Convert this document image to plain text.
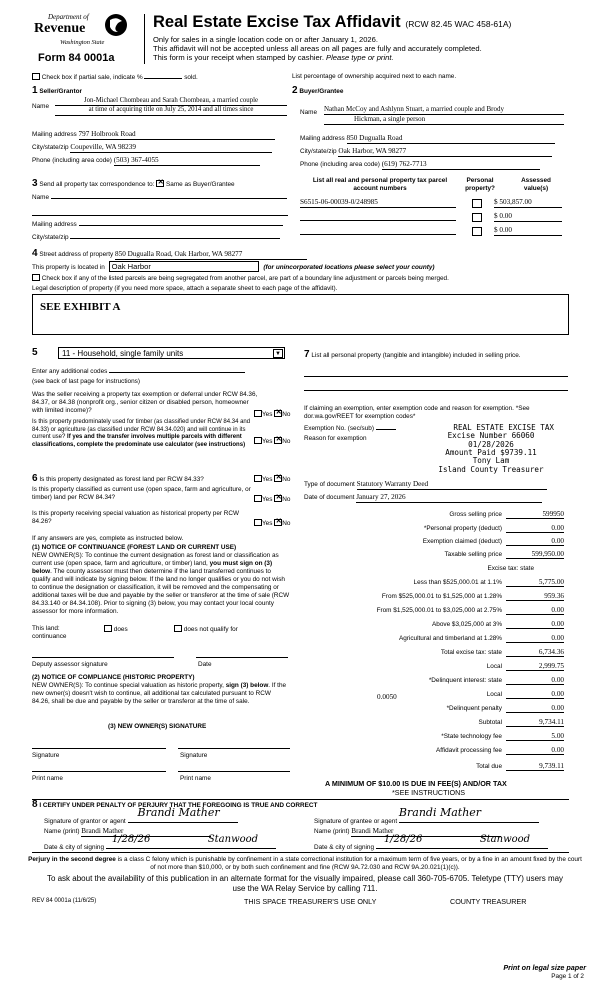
Department of
Revenue
Washington State
Form 84 0001a
Real Estate Excise Tax Affidavit (RCW 82.45 WAC 458-61A)
Only for sales in a single location code on or after January 1, 2026.
This affidavit will not be accepted unless all areas on all pages are fully and accurately completed.
This form is your receipt when stamped by cashier. Please type or print.
Check box if partial sale, indicate %	sold.	List percentage of ownership acquired next to each name.
1 Seller/Grantor
Name
Jon-Michael Chombeau and Sarah Chombeau, a married couple
at time of acquiring title on July 25, 2014 and all times since
Mailing address 797 Holbrook Road
City/state/zip Coupeville, WA 98239
Phone (including area code) (503) 367-4055
2 Buyer/Grantee
Name Nathan McCoy and Ashlynn Stuart, a married couple and Brody
Hickman, a single person
Mailing address 850 Dugualla Road
City/state/zip Oak Harbor, WA 98277
Phone (including area code) (619) 762-7713
3 Send all property tax correspondence to: ✕ Same as Buyer/Grantee
Name
Mailing address
City/state/zip
List all real and personal property tax parcel account numbers
Personal property?
Assessed value(s)
S6515-06-00039-0/248985	$ 503,857.00
$ 0.00
$ 0.00
4 Street address of property 850 Dugualla Road, Oak Harbor, WA 98277
This property is located in Oak Harbor	(for unincorporated locations please select your county)
Check box if any of the listed parcels are being segregated from another parcel, are part of a boundary line adjustment or parcels being merged.
Legal description of property (if you need more space, attach a separate sheet to each page of the affidavit).
SEE EXHIBIT A
5	11 - Household, single family units	▼
Enter any additional codes
(see back of last page for instructions)
Was the seller receiving a property tax exemption or deferral under RCW 84.36, 84.37, or 84.38 (nonprofit org., senior citizen or disabled person, homeowner with limited income)?
Yes ✕ No
Is this property predominately used for timber (as classified under RCW 84.34 and 84.33) or agriculture (as classified under RCW 84.34.020) and will continue in its current use? If yes and the transfer involves multiple parcels with different classifications, complete the predominate use calculator (see instructions)	Yes ✕ No
6 Is this property designated as forest land per RCW 84.33?	Yes ✕ No
Is this property classified as current use (open space, farm and agriculture, or timber) land per RCW 84.34?	Yes ✕ No
Is this property receiving special valuation as historical property per RCW 84.26?	Yes ✕ No
If any answers are yes, complete as instructed below.
(1) NOTICE OF CONTINUANCE (FOREST LAND OR CURRENT USE)
NEW OWNER(S): To continue the current designation as forest land or classification as current use (open space, farm and agriculture, or timber) land, you must sign on (3) below. The county assessor must then determine if the land transferred continues to qualify and will indicate by signing below. If the land no longer qualifies or you do not wish to continue the designation or classification, it will be removed and the compensating or additional taxes will be due and payable by the seller or transferor at the time of sale (RCW 84.33.140 or 84.34.108). Prior to signing (3) below, you may contact your local county assessor for more information.
This land:	does	does not qualify for
continuance
Deputy assessor signature	Date
(2) NOTICE OF COMPLIANCE (HISTORIC PROPERTY)
NEW OWNER(S): To continue special valuation as historic property, sign (3) below. If the new owner(s) doesn't wish to continue, all additional tax calculated pursuant to RCW 84.26, shall be due and payable by the seller or transferor at the time of sale.
(3) NEW OWNER(S) SIGNATURE
Signature	Signature
Print name	Print name
7 List all personal property (tangible and intangible) included in selling price.
If claiming an exemption, enter exemption code and reason for exemption. *See dor.wa.gov/REET for exemption codes*
Exemption No. (sec/sub)
Reason for exemption
REAL ESTATE EXCISE TAX
Excise Number 66060
01/28/2026
Amount Paid $9739.11
Tony Lam
Island County Treasurer
Type of document Statutory Warranty Deed
Date of document January 27, 2026
Gross selling price	599950
*Personal property (deduct)	0.00
Exemption claimed (deduct)	0.00
Taxable selling price	599,950.00
Excise tax: state
Less than $525,000.01 at 1.1%	5,775.00
From $525,000.01 to $1,525,000 at 1.28%	959.36
From $1,525,000.01 to $3,025,000 at 2.75%	0.00
Above $3,025,000 at 3%	0.00
Agricultural and timberland at 1.28%	0.00
Total excise tax: state	6,734.36
Local	2,999.75
*Delinquent interest: state	0.00
Local	0.00
*Delinquent penalty	0.00
Subtotal	9,734.11
*State technology fee	5.00
Affidavit processing fee	0.00
Total due	9,739.11
0.0050
A MINIMUM OF $10.00 IS DUE IN FEE(S) AND/OR TAX
*SEE INSTRUCTIONS
8 I CERTIFY UNDER PENALTY OF PERJURY THAT THE FOREGOING IS TRUE AND CORRECT
Signature of grantor or agent
Brandi Mather
Name (print) Brandi Mather
Date & city of signing
1/28/26	Stanwood
Signature of grantee or agent
Brandi Mather
Name (print) Brandi Mather
Date & city of signing
1/28/26	Stanwood
Perjury in the second degree is a class C felony which is punishable by confinement in a state correctional institution for a maximum term of five years, or by a fine in an amount fixed by the court of not more than $10,000, or by both such confinement and fine (RCW 9A.72.030 and RCW 9A.20.021(1)(c)).
To ask about the availability of this publication in an alternate format for the visually impaired, please call 360-705-6705. Teletype (TTY) users may use the WA Relay Service by calling 711.
REV 84 0001a (11/6/25)	THIS SPACE TREASURER'S USE ONLY	COUNTY TREASURER
Print on legal size paper
Page 1 of 2
